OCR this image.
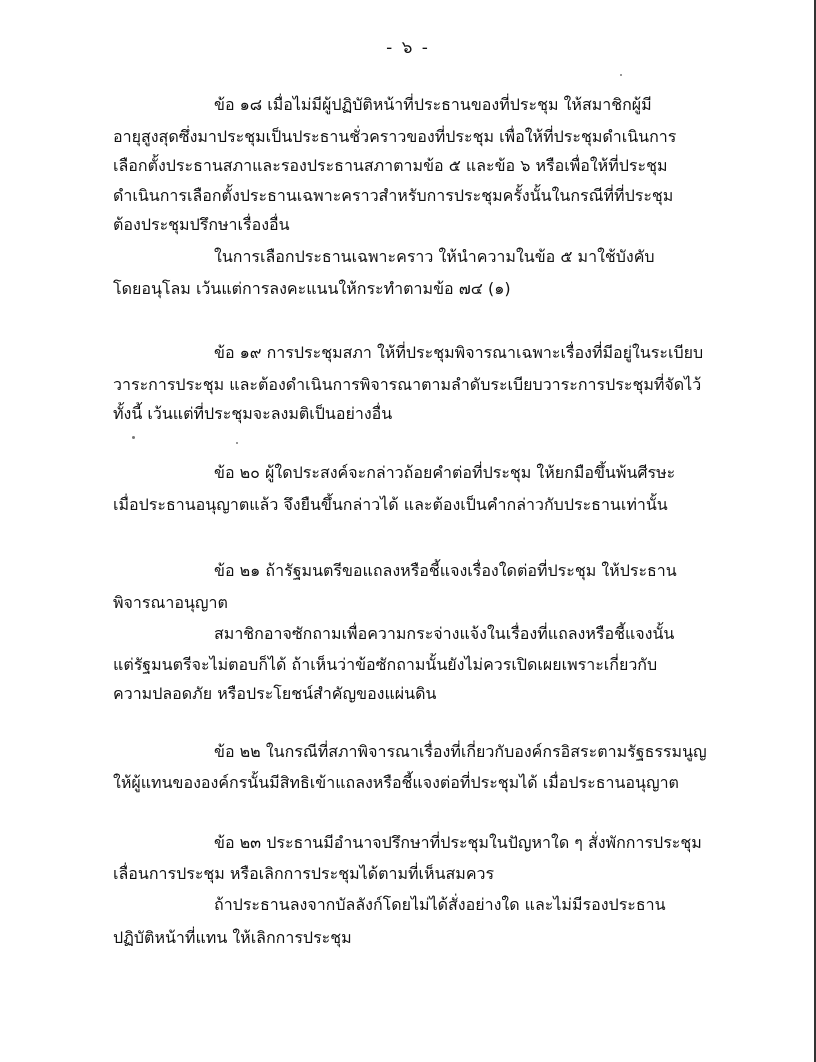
- ๖ -
ข้อ ๑๘ เมื่อไม่มีผู้ปฏิบัติหน้าที่ประธานของที่ประชุม ให้สมาชิกผู้มี
อายุสูงสุดซึ่งมาประชุมเป็นประธานชั่วคราวของที่ประชุม เพื่อให้ที่ประชุมดำเนินการ
เลือกตั้งประธานสภาและรองประธานสภาตามข้อ ๕ และข้อ ๖ หรือเพื่อให้ที่ประชุม
ดำเนินการเลือกตั้งประธานเฉพาะคราวสำหรับการประชุมครั้งนั้นในกรณีที่ที่ประชุม
ต้องประชุมปรึกษาเรื่องอื่น
ในการเลือกประธานเฉพาะคราว ให้นำความในข้อ ๕ มาใช้บังคับ
โดยอนุโลม เว้นแต่การลงคะแนนให้กระทำตามข้อ ๗๔ (๑)
ข้อ ๑๙ การประชุมสภา ให้ที่ประชุมพิจารณาเฉพาะเรื่องที่มีอยู่ในระเบียบ
วาระการประชุม และต้องดำเนินการพิจารณาตามลำดับระเบียบวาระการประชุมที่จัดไว้
ทั้งนี้ เว้นแต่ที่ประชุมจะลงมติเป็นอย่างอื่น
ข้อ ๒๐ ผู้ใดประสงค์จะกล่าวถ้อยคำต่อที่ประชุม ให้ยกมือขึ้นพ้นศีรษะ
เมื่อประธานอนุญาตแล้ว จึงยืนขึ้นกล่าวได้ และต้องเป็นคำกล่าวกับประธานเท่านั้น
ข้อ ๒๑ ถ้ารัฐมนตรีขอแถลงหรือชี้แจงเรื่องใดต่อที่ประชุม ให้ประธาน
พิจารณาอนุญาต
สมาชิกอาจซักถามเพื่อความกระจ่างแจ้งในเรื่องที่แถลงหรือชี้แจงนั้น
แต่รัฐมนตรีจะไม่ตอบก็ได้ ถ้าเห็นว่าข้อซักถามนั้นยังไม่ควรเปิดเผยเพราะเกี่ยวกับ
ความปลอดภัย หรือประโยชน์สำคัญของแผ่นดิน
ข้อ ๒๒ ในกรณีที่สภาพิจารณาเรื่องที่เกี่ยวกับองค์กรอิสระตามรัฐธรรมนูญ
ให้ผู้แทนขององค์กรนั้นมีสิทธิเข้าแถลงหรือชี้แจงต่อที่ประชุมได้ เมื่อประธานอนุญาต
ข้อ ๒๓ ประธานมีอำนาจปรึกษาที่ประชุมในปัญหาใด ๆ สั่งพักการประชุม
เลื่อนการประชุม หรือเลิกการประชุมได้ตามที่เห็นสมควร
ถ้าประธานลงจากบัลลังก์โดยไม่ได้สั่งอย่างใด และไม่มีรองประธาน
ปฏิบัติหน้าที่แทน ให้เลิกการประชุม
